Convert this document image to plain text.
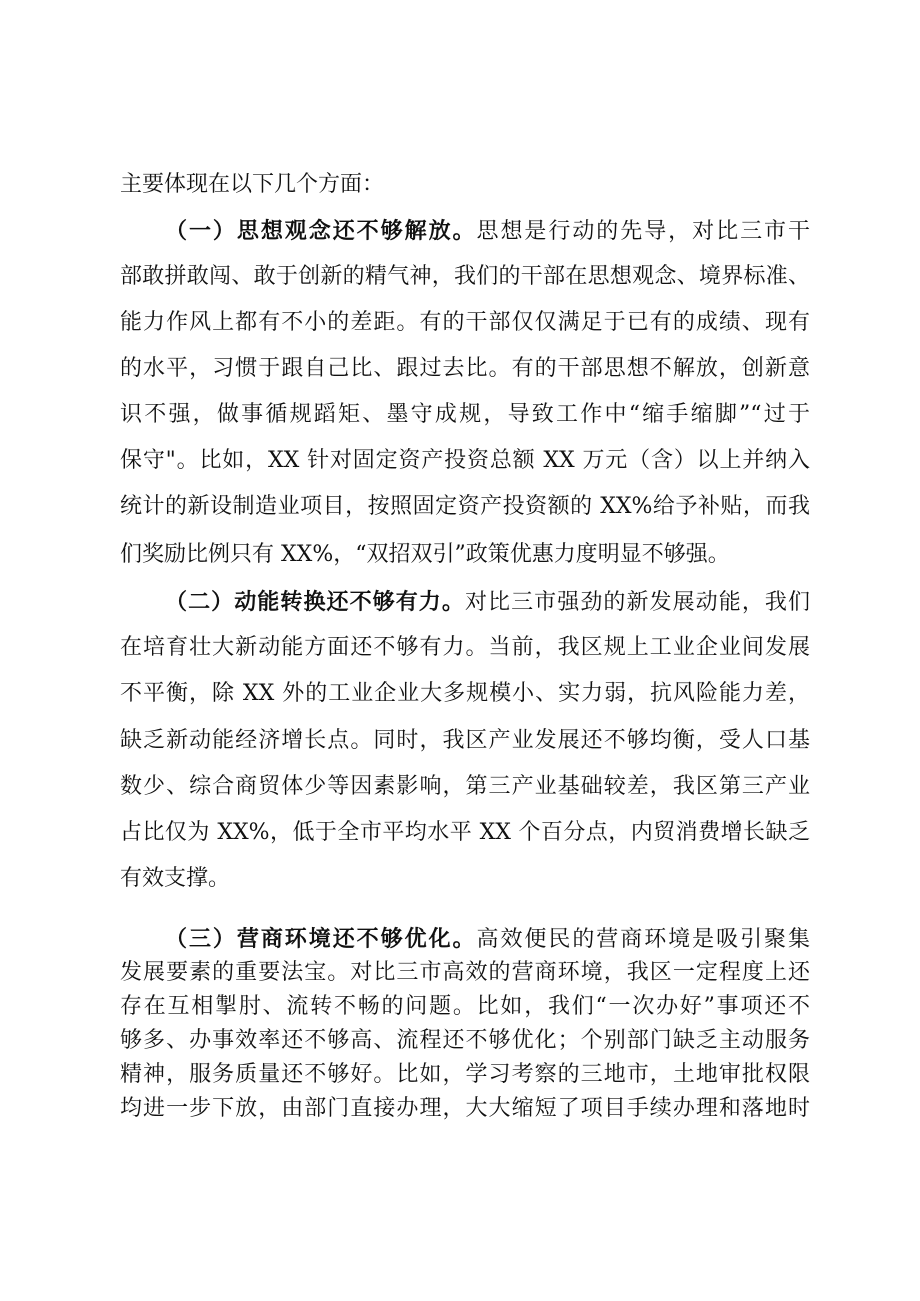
主要体现在以下几个方面：
（一）思想观念还不够解放。思想是行动的先导，对比三市干
部敢拼敢闯、敢于创新的精气神，我们的干部在思想观念、境界标准、
能力作风上都有不小的差距。有的干部仅仅满足于已有的成绩、现有
的水平，习惯于跟自己比、跟过去比。有的干部思想不解放，创新意
识不强，做事循规蹈矩、墨守成规，导致工作中“缩手缩脚”“过于
保守"。比如，XX 针对固定资产投资总额 XX 万元（含）以上并纳入
统计的新设制造业项目，按照固定资产投资额的 XX%给予补贴，而我
们奖励比例只有 XX%，“双招双引”政策优惠力度明显不够强。
（二）动能转换还不够有力。对比三市强劲的新发展动能，我们
在培育壮大新动能方面还不够有力。当前，我区规上工业企业间发展
不平衡，除 XX 外的工业企业大多规模小、实力弱，抗风险能力差，
缺乏新动能经济增长点。同时，我区产业发展还不够均衡，受人口基
数少、综合商贸体少等因素影响，第三产业基础较差，我区第三产业
占比仅为 XX%，低于全市平均水平 XX 个百分点，内贸消费增长缺乏
有效支撑。
（三）营商环境还不够优化。高效便民的营商环境是吸引聚集
发展要素的重要法宝。对比三市高效的营商环境，我区一定程度上还
存在互相掣肘、流转不畅的问题。比如，我们“一次办好”事项还不
够多、办事效率还不够高、流程还不够优化；个别部门缺乏主动服务
精神，服务质量还不够好。比如，学习考察的三地市，土地审批权限
均进一步下放，由部门直接办理，大大缩短了项目手续办理和落地时
